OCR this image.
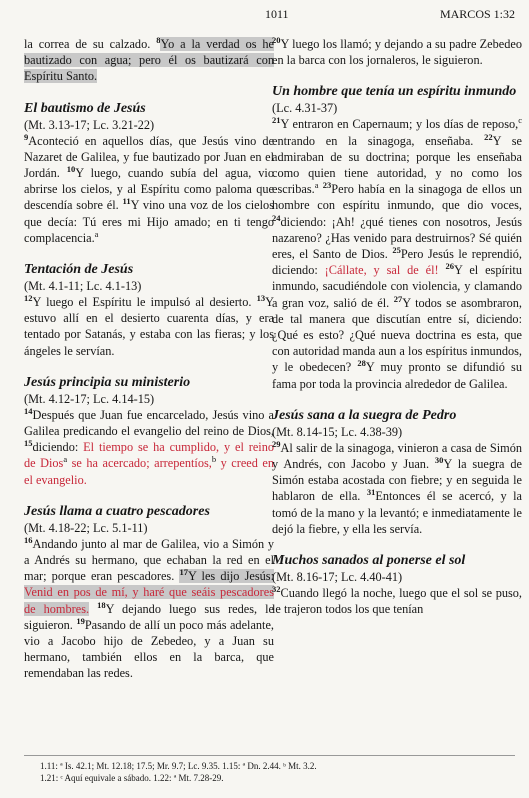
1011	MARCOS 1:32

la correa de su calzado. $^8$Yo a la verdad os he bautizado con agua; pero él os bautizará con Espíritu Santo.

El bautismo de Jesús
(Mt. 3.13-17; Lc. 3.21-22)

$^9$Aconteció en aquellos días, que Jesús vino de Nazaret de Galilea, y fue bautizado por Juan en el Jordán. $^{10}$Y luego, cuando subía del agua, vio abrirse los cielos, y al Espíritu como paloma que descendía sobre él. $^{11}$Y vino una voz de los cielos que decía: Tú eres mi Hijo amado; en ti tengo complacencia.$^a$

Tentación de Jesús
(Mt. 4.1-11; Lc. 4.1-13)

$^{12}$Y luego el Espíritu le impulsó al desierto. $^{13}$Y estuvo allí en el desierto cuarenta días, y era tentado por Satanás, y estaba con las fieras; y los ángeles le servían.

Jesús principia su ministerio
(Mt. 4.12-17; Lc. 4.14-15)

$^{14}$Después que Juan fue encarcelado, Jesús vino a Galilea predicando el evangelio del reino de Dios, $^{15}$diciendo: El tiempo se ha cumplido, y el reino de Dios$^a$ se ha acercado; arrepentíos,$^b$ y creed en el evangelio.

Jesús llama a cuatro pescadores
(Mt. 4.18-22; Lc. 5.1-11)

$^{16}$Andando junto al mar de Galilea, vio a Simón y a Andrés su hermano, que echaban la red en el mar; porque eran pescadores. $^{17}$Y les dijo Jesús: Venid en pos de mí, y haré que seáis pescadores de hombres. $^{18}$Y dejando luego sus redes, le siguieron. $^{19}$Pasando de allí un poco más adelante, vio a Jacobo hijo de Zebedeo, y a Juan su hermano, también ellos en la barca, que remendaban las redes.

$^{20}$Y luego los llamó; y dejando a su padre Zebedeo en la barca con los jornaleros, le siguieron.

Un hombre que tenía un espíritu inmundo
(Lc. 4.31-37)

$^{21}$Y entraron en Capernaum; y los días de reposo,$^c$ entrando en la sinagoga, enseñaba. $^{22}$Y se admiraban de su doctrina; porque les enseñaba como quien tiene autoridad, y no como los escribas.$^a$ $^{23}$Pero había en la sinagoga de ellos un hombre con espíritu inmundo, que dio voces, $^{24}$diciendo: ¡Ah! ¿qué tienes con nosotros, Jesús nazareno? ¿Has venido para destruirnos? Sé quién eres, el Santo de Dios. $^{25}$Pero Jesús le reprendió, diciendo: ¡Cállate, y sal de él! $^{26}$Y el espíritu inmundo, sacudiéndole con violencia, y clamando a gran voz, salió de él. $^{27}$Y todos se asombraron, de tal manera que discutían entre sí, diciendo: ¿Qué es esto? ¿Qué nueva doctrina es esta, que con autoridad manda aun a los espíritus inmundos, y le obedecen? $^{28}$Y muy pronto se difundió su fama por toda la provincia alrededor de Galilea.

Jesús sana a la suegra de Pedro
(Mt. 8.14-15; Lc. 4.38-39)

$^{29}$Al salir de la sinagoga, vinieron a casa de Simón y Andrés, con Jacobo y Juan. $^{30}$Y la suegra de Simón estaba acostada con fiebre; y en seguida le hablaron de ella. $^{31}$Entonces él se acercó, y la tomó de la mano y la levantó; e inmediatamente le dejó la fiebre, y ella les servía.

Muchos sanados al ponerse el sol
(Mt. 8.16-17; Lc. 4.40-41)

$^{32}$Cuando llegó la noche, luego que el sol se puso, le trajeron todos los que tenían

1.11: ª Is. 42.1; Mt. 12.18; 17.5; Mr. 9.7; Lc. 9.35. 1.15: ª Dn. 2.44. ᵇ Mt. 3.2.
1.21: ᶜ Aquí equivale a sábado. 1.22: ª Mt. 7.28-29.
